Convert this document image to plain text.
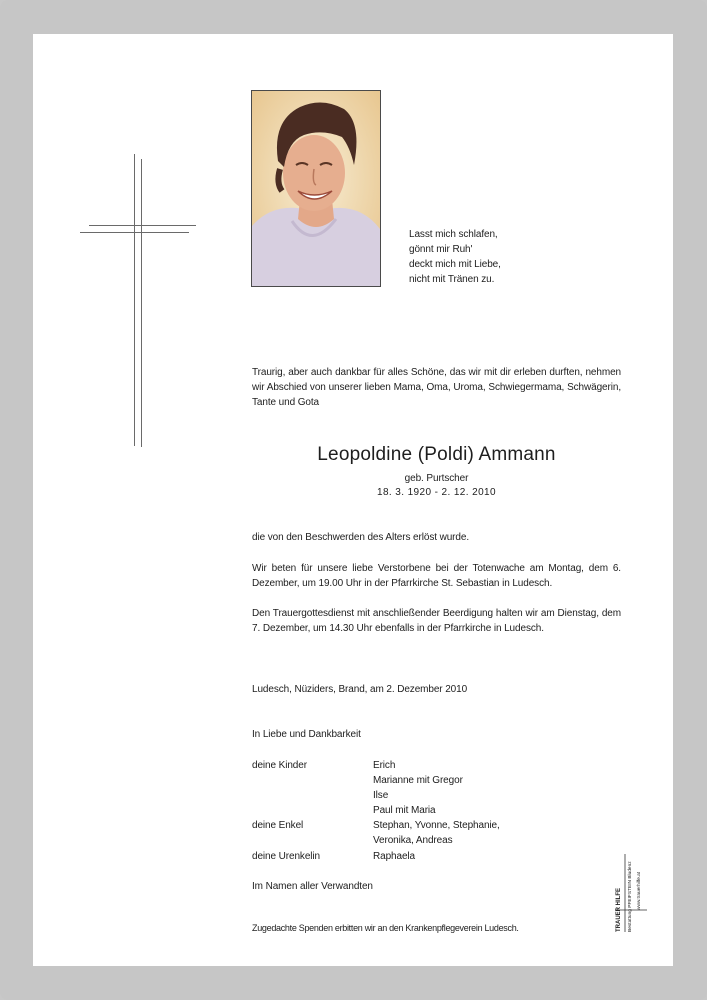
Lasst mich schlafen,
gönnt mir Ruh'
deckt mich mit Liebe,
nicht mit Tränen zu.
Traurig, aber auch dankbar für alles Schöne, das wir mit dir erleben durften, nehmen wir Abschied von unserer lieben Mama, Oma, Uroma, Schwiegermama, Schwägerin, Tante und Gota
Leopoldine (Poldi) Ammann
geb. Purtscher
18. 3. 1920 - 2. 12. 2010
die von den Beschwerden des Alters erlöst wurde.
Wir beten für unsere liebe Verstorbene bei der Totenwache am Montag, dem 6. Dezember, um 19.00 Uhr in der Pfarrkirche St. Sebastian in Ludesch.
Den Trauergottesdienst mit anschließender Beerdigung halten wir am Dienstag, dem 7. Dezember, um 14.30 Uhr ebenfalls in der Pfarrkirche in Ludesch.
Ludesch, Nüziders, Brand, am 2. Dezember 2010
In Liebe und Dankbarkeit
deine Kinder	Erich
Marianne mit Gregor
Ilse
Paul mit Maria
deine Enkel	Stephan, Yvonne, Stephanie,
Veronika, Andreas
deine Urenkelin	Raphaela
Im Namen aller Verwandten
Zugedachte Spenden erbitten wir an den Krankenpflegeverein Ludesch.	TRAUER HILFE Bestattung PFEIFSTEIN Bludenz www.trauerhilfe.at
